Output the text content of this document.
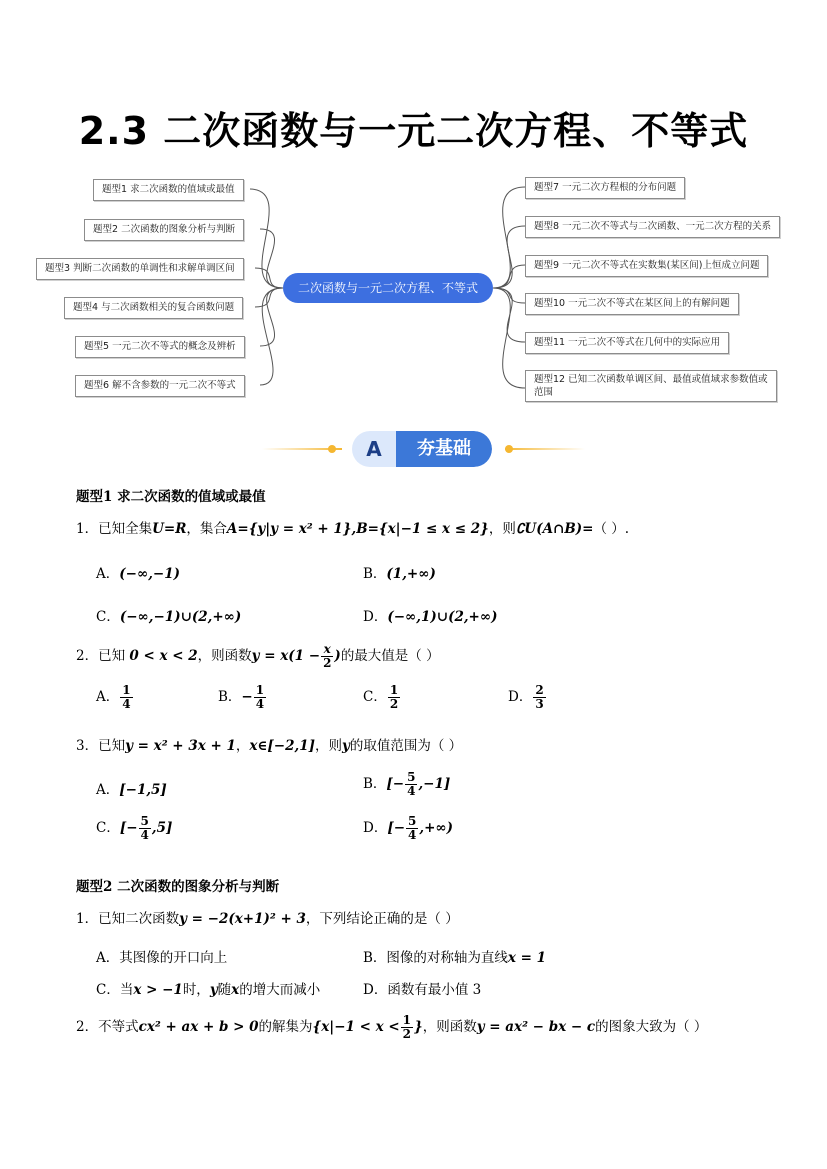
2.3 二次函数与一元二次方程、不等式
题型1 求二次函数的值域或最值
题型2 二次函数的图象分析与判断
题型3 判断二次函数的单调性和求解单调区间
题型4 与二次函数相关的复合函数问题
题型5 一元二次不等式的概念及辨析
题型6 解不含参数的一元二次不等式
二次函数与一元二次方程、不等式
题型7 一元二次方程根的分布问题
题型8 一元二次不等式与二次函数、一元二次方程的关系
题型9 一元二次不等式在实数集(某区间)上恒成立问题
题型10 一元二次不等式在某区间上的有解问题
题型11 一元二次不等式在几何中的实际应用
题型12 已知二次函数单调区间、最值或值域求参数值或范围
A	夯基础
题型1 求二次函数的值域或最值
1．已知全集U=R，集合A={y|y = x² + 1},B={x|−1 ≤ x ≤ 2}，则∁U(A∩B)=（ ）.
A．(−∞,−1)	B．(1,+∞)
C．(−∞,−1)∪(2,+∞)	D．(−∞,1)∪(2,+∞)
2．已知 0 < x < 2，则函数$y = x(1 - \frac{x}{2}$ )的最大值是（ ）
A． $\frac{1}{4}$	B．− $\frac{1}{4}$	C． $\frac{1}{2}$	D． $\frac{2}{3}$
3．已知y = x² + 3x + 1，x∈[−2,1]，则y的取值范围为（ ）
A．[−1,5]	B．[− $\frac{5}{4} ,-1$]
C．[− $\frac{5}{4} ,5$]	D．[− $\frac{5}{4}$ ,+∞)
题型2 二次函数的图象分析与判断
1．已知二次函数y = −2(x+1)² + 3，下列结论正确的是（ ）
A．其图像的开口向上	B．图像的对称轴为直线x = 1
C．当x > −1时，y随x的增大而减小	D．函数有最小值 3
2．不等式cx² + ax + b > 0的解集为{$x|-1 < x < \frac{1}{2}$ }，则函数y = ax² − bx − c的图象大致为（ ）
